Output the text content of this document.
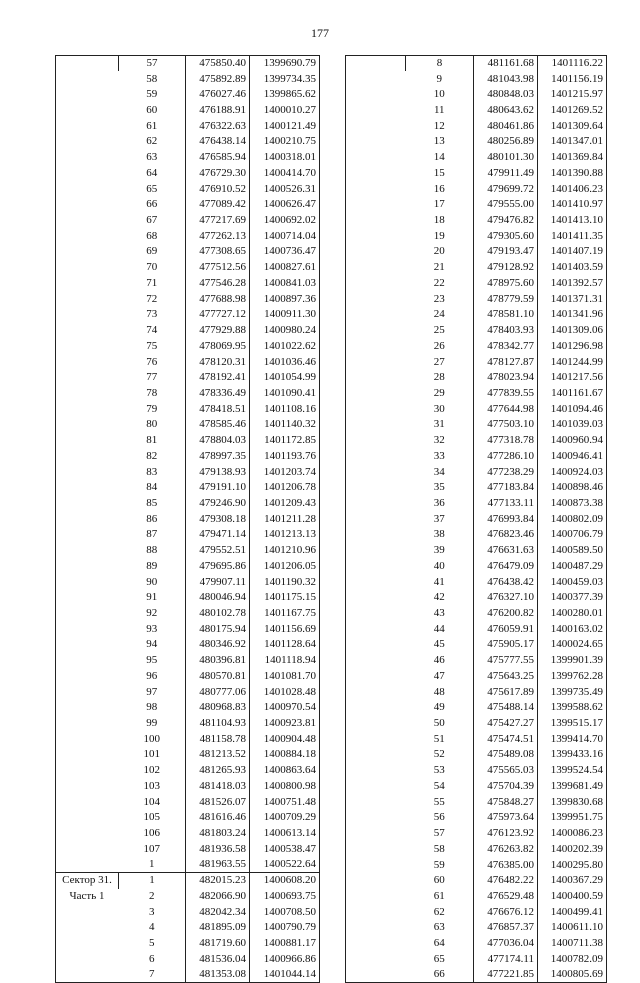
177
	57	475850.40	1399690.79
	58	475892.89	1399734.35
	59	476027.46	1399865.62
	60	476188.91	1400010.27
	61	476322.63	1400121.49
	62	476438.14	1400210.75
	63	476585.94	1400318.01
	64	476729.30	1400414.70
	65	476910.52	1400526.31
	66	477089.42	1400626.47
	67	477217.69	1400692.02
	68	477262.13	1400714.04
	69	477308.65	1400736.47
	70	477512.56	1400827.61
	71	477546.28	1400841.03
	72	477688.98	1400897.36
	73	477727.12	1400911.30
	74	477929.88	1400980.24
	75	478069.95	1401022.62
	76	478120.31	1401036.46
	77	478192.41	1401054.99
	78	478336.49	1401090.41
	79	478418.51	1401108.16
	80	478585.46	1401140.32
	81	478804.03	1401172.85
	82	478997.35	1401193.76
	83	479138.93	1401203.74
	84	479191.10	1401206.78
	85	479246.90	1401209.43
	86	479308.18	1401211.28
	87	479471.14	1401213.13
	88	479552.51	1401210.96
	89	479695.86	1401206.05
	90	479907.11	1401190.32
	91	480046.94	1401175.15
	92	480102.78	1401167.75
	93	480175.94	1401156.69
	94	480346.92	1401128.64
	95	480396.81	1401118.94
	96	480570.81	1401081.70
	97	480777.06	1401028.48
	98	480968.83	1400970.54
	99	481104.93	1400923.81
	100	481158.78	1400904.48
	101	481213.52	1400884.18
	102	481265.93	1400863.64
	103	481418.03	1400800.98
	104	481526.07	1400751.48
	105	481616.46	1400709.29
	106	481803.24	1400613.14
	107	481936.58	1400538.47
	1	481963.55	1400522.64

Сектор 31.
Часть 1	1	482015.23	1400608.20
	2	482066.90	1400693.75
	3	482042.34	1400708.50
	4	481895.09	1400790.79
	5	481719.60	1400881.17
	6	481536.04	1400966.86
	7	481353.08	1401044.14
	8	481161.68	1401116.22
	9	481043.98	1401156.19
	10	480848.03	1401215.97
	11	480643.62	1401269.52
	12	480461.86	1401309.64
	13	480256.89	1401347.01
	14	480101.30	1401369.84
	15	479911.49	1401390.88
	16	479699.72	1401406.23
	17	479555.00	1401410.97
	18	479476.82	1401413.10
	19	479305.60	1401411.35
	20	479193.47	1401407.19
	21	479128.92	1401403.59
	22	478975.60	1401392.57
	23	478779.59	1401371.31
	24	478581.10	1401341.96
	25	478403.93	1401309.06
	26	478342.77	1401296.98
	27	478127.87	1401244.99
	28	478023.94	1401217.56
	29	477839.55	1401161.67
	30	477644.98	1401094.46
	31	477503.10	1401039.03
	32	477318.78	1400960.94
	33	477286.10	1400946.41
	34	477238.29	1400924.03
	35	477183.84	1400898.46
	36	477133.11	1400873.38
	37	476993.84	1400802.09
	38	476823.46	1400706.79
	39	476631.63	1400589.50
	40	476479.09	1400487.29
	41	476438.42	1400459.03
	42	476327.10	1400377.39
	43	476200.82	1400280.01
	44	476059.91	1400163.02
	45	475905.17	1400024.65
	46	475777.55	1399901.39
	47	475643.25	1399762.28
	48	475617.89	1399735.49
	49	475488.14	1399588.62
	50	475427.27	1399515.17
	51	475474.51	1399414.70
	52	475489.08	1399433.16
	53	475565.03	1399524.54
	54	475704.39	1399681.49
	55	475848.27	1399830.68
	56	475973.64	1399951.75
	57	476123.92	1400086.23
	58	476263.82	1400202.39
	59	476385.00	1400295.80
	60	476482.22	1400367.29
	61	476529.48	1400400.59
	62	476676.12	1400499.41
	63	476857.37	1400611.10
	64	477036.04	1400711.38
	65	477174.11	1400782.09
	66	477221.85	1400805.69
